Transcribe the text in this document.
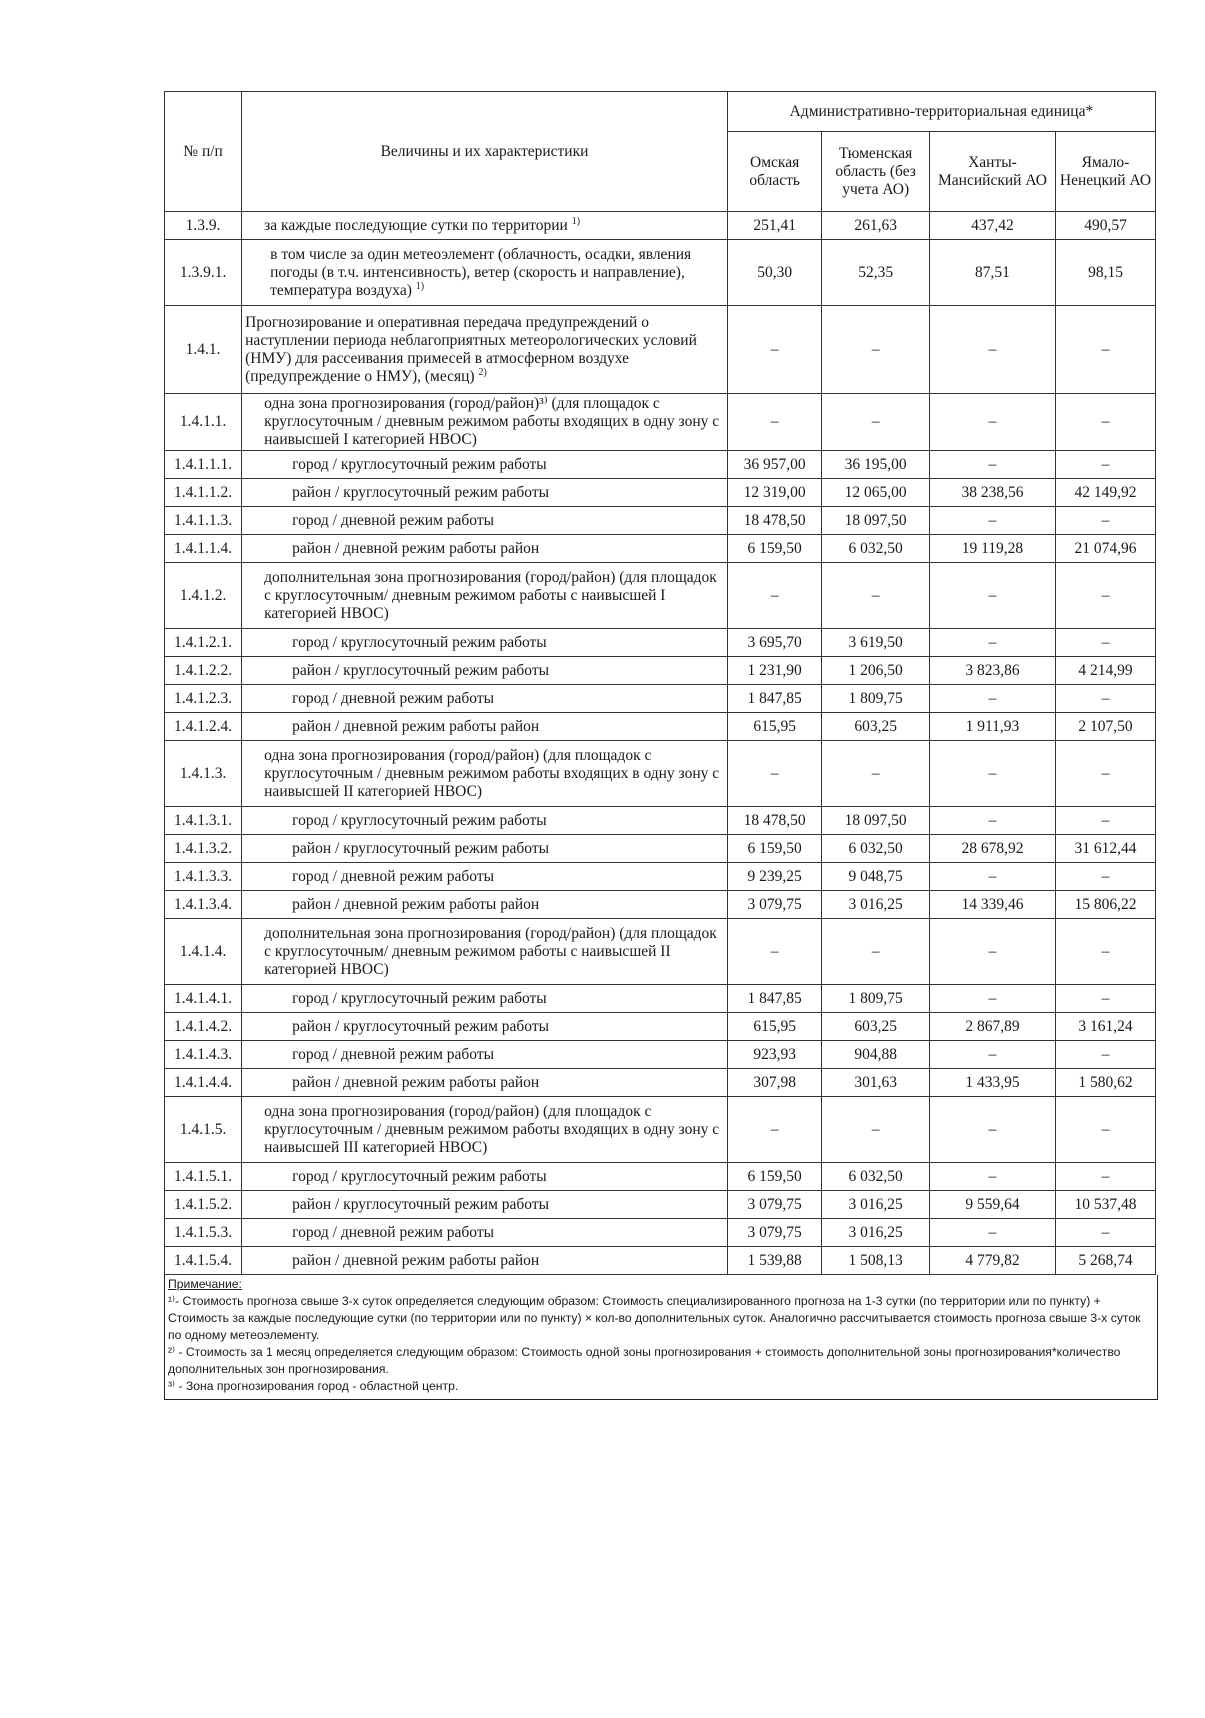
№ п/п	Величины и их характеристики	Административно-территориальная единица*			
		Омская область	Тюменская область (без учета АО)	Ханты-Мансийский АО	Ямало-Ненецкий АО
1.3.9.	за каждые последующие сутки по территории $^{1)}$	251,41	261,63	437,42	490,57
1.3.9.1.	в том числе за один метеоэлемент (облачность, осадки, явления погоды (в т.ч. интенсивность), ветер (скорость и направление), температура воздуха) $^{1)}$	50,30	52,35	87,51	98,15
1.4.1.	Прогнозирование и оперативная передача предупреждений о наступлении периода неблагоприятных метеорологических условий (НМУ) для рассеивания примесей в атмосферном воздухе (предупреждение о НМУ), (месяц) $^{2)}$	–	–	–	–
1.4.1.1.	одна зона прогнозирования (город/район)³⁾ (для площадок с круглосуточным / дневным режимом работы входящих в одну зону с наивысшей I категорией НВОС)	–	–	–	–
1.4.1.1.1.	город / круглосуточный режим работы	36 957,00	36 195,00	–	–
1.4.1.1.2.	район / круглосуточный режим работы	12 319,00	12 065,00	38 238,56	42 149,92
1.4.1.1.3.	город / дневной режим работы	18 478,50	18 097,50	–	–
1.4.1.1.4.	район / дневной режим работы район	6 159,50	6 032,50	19 119,28	21 074,96
1.4.1.2.	дополнительная зона прогнозирования (город/район) (для площадок с круглосуточным/ дневным режимом работы с наивысшей I категорией НВОС)	–	–	–	–
1.4.1.2.1.	город / круглосуточный режим работы	3 695,70	3 619,50	–	–
1.4.1.2.2.	район / круглосуточный режим работы	1 231,90	1 206,50	3 823,86	4 214,99
1.4.1.2.3.	город / дневной режим работы	1 847,85	1 809,75	–	–
1.4.1.2.4.	район / дневной режим работы район	615,95	603,25	1 911,93	2 107,50
1.4.1.3.	одна зона прогнозирования (город/район) (для площадок с круглосуточным / дневным режимом работы входящих в одну зону с наивысшей II категорией НВОС)	–	–	–	–
1.4.1.3.1.	город / круглосуточный режим работы	18 478,50	18 097,50	–	–
1.4.1.3.2.	район / круглосуточный режим работы	6 159,50	6 032,50	28 678,92	31 612,44
1.4.1.3.3.	город / дневной режим работы	9 239,25	9 048,75	–	–
1.4.1.3.4.	район / дневной режим работы район	3 079,75	3 016,25	14 339,46	15 806,22
1.4.1.4.	дополнительная зона прогнозирования (город/район) (для площадок с круглосуточным/ дневным режимом работы с наивысшей II категорией НВОС)	–	–	–	–
1.4.1.4.1.	город / круглосуточный режим работы	1 847,85	1 809,75	–	–
1.4.1.4.2.	район / круглосуточный режим работы	615,95	603,25	2 867,89	3 161,24
1.4.1.4.3.	город / дневной режим работы	923,93	904,88	–	–
1.4.1.4.4.	район / дневной режим работы район	307,98	301,63	1 433,95	1 580,62
1.4.1.5.	одна зона прогнозирования (город/район) (для площадок с круглосуточным / дневным режимом работы входящих в одну зону с наивысшей III категорией НВОС)	–	–	–	–
1.4.1.5.1.	город / круглосуточный режим работы	6 159,50	6 032,50	–	–
1.4.1.5.2.	район / круглосуточный режим работы	3 079,75	3 016,25	9 559,64	10 537,48
1.4.1.5.3.	город / дневной режим работы	3 079,75	3 016,25	–	–
1.4.1.5.4.	район / дневной режим работы район	1 539,88	1 508,13	4 779,82	5 268,74

Примечание:

¹⁾- Стоимость прогноза свыше 3-х суток определяется следующим образом: Стоимость специализированного прогноза на 1-3 сутки (по территории или по пункту) + Стоимость за каждые последующие сутки (по территории или по пункту) × кол-во дополнительных суток. Аналогично рассчитывается стоимость прогноза свыше 3-х суток по одному метеоэлементу.

²⁾ - Стоимость за 1 месяц определяется следующим образом: Стоимость одной зоны прогнозирования + стоимость дополнительной зоны прогнозирования*количество дополнительных зон прогнозирования.

³⁾ - Зона прогнозирования город - областной центр.
